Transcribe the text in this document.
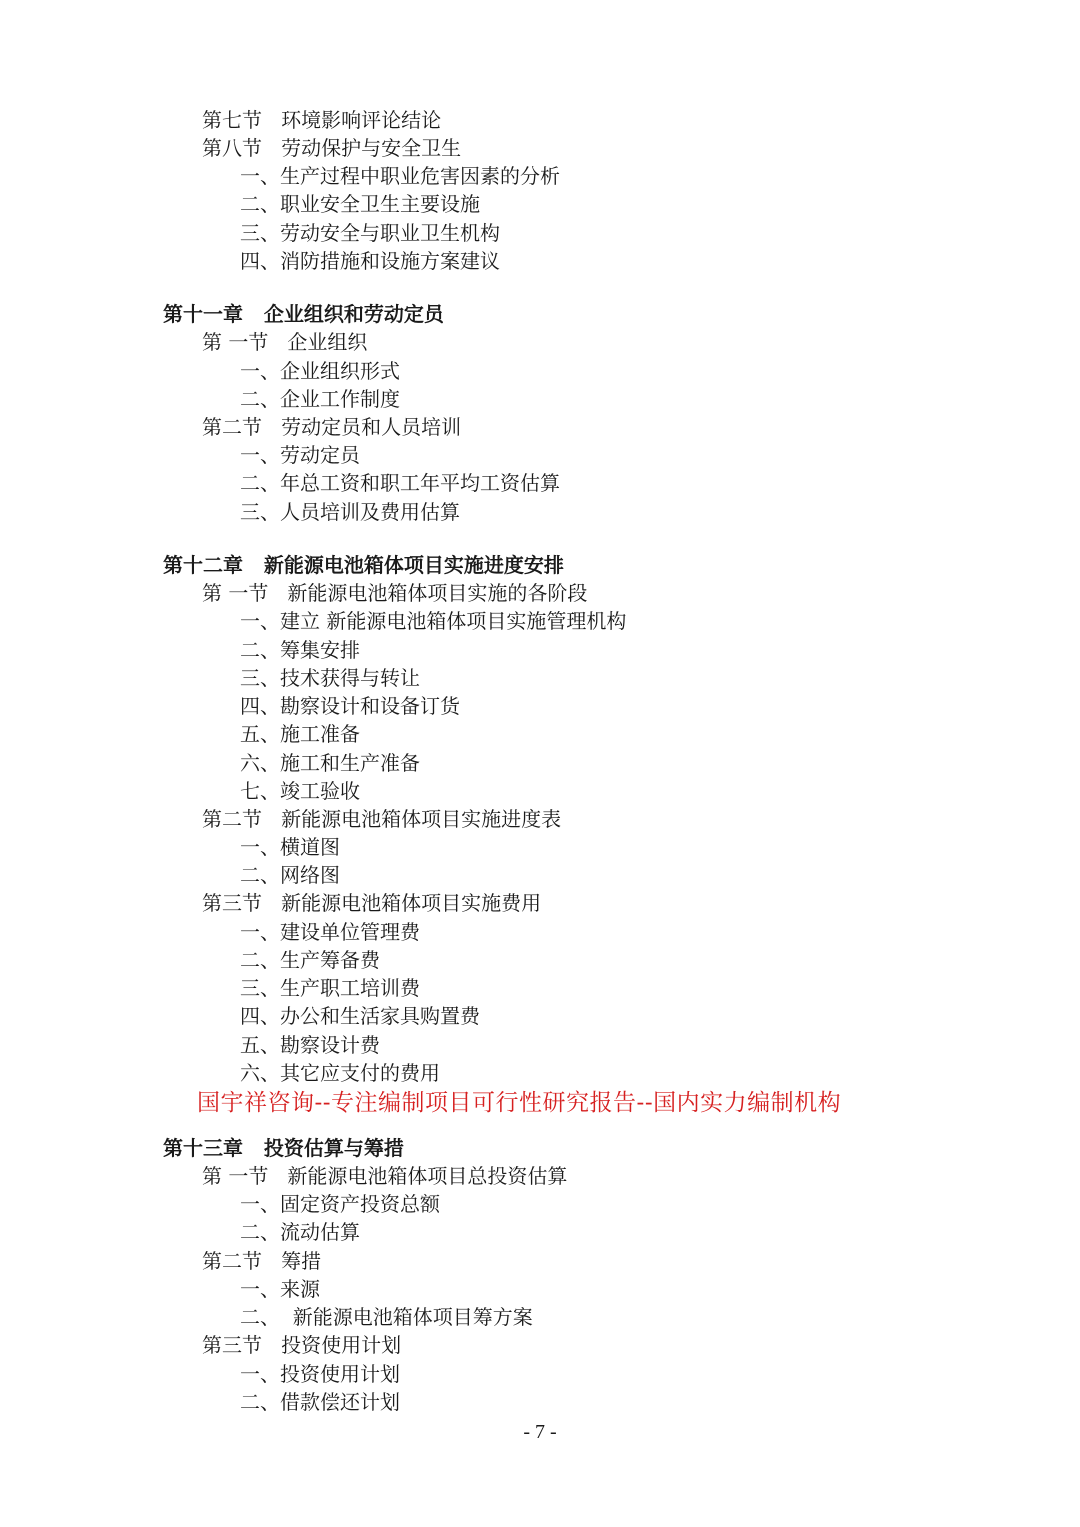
第七节   环境影响评论结论
第八节   劳动保护与安全卫生
一、生产过程中职业危害因素的分析
二、职业安全卫生主要设施
三、劳动安全与职业卫生机构
四、消防措施和设施方案建议
第十一章   企业组织和劳动定员
第 一节   企业组织
一、企业组织形式
二、企业工作制度
第二节   劳动定员和人员培训
一、劳动定员
二、年总工资和职工年平均工资估算
三、人员培训及费用估算
第十二章   新能源电池箱体项目实施进度安排
第 一节   新能源电池箱体项目实施的各阶段
一、建立 新能源电池箱体项目实施管理机构
二、筹集安排
三、技术获得与转让
四、勘察设计和设备订货
五、施工准备
六、施工和生产准备
七、竣工验收
第二节   新能源电池箱体项目实施进度表
一、横道图
二、网络图
第三节   新能源电池箱体项目实施费用
一、建设单位管理费
二、生产筹备费
三、生产职工培训费
四、办公和生活家具购置费
五、勘察设计费
六、其它应支付的费用
国宇祥咨询--专注编制项目可行性研究报告--国内实力编制机构
第十三章   投资估算与筹措
第 一节   新能源电池箱体项目总投资估算
一、固定资产投资总额
二、流动估算
第二节   筹措
一、来源
二、  新能源电池箱体项目筹方案
第三节   投资使用计划
一、投资使用计划
二、借款偿还计划
- 7 -
